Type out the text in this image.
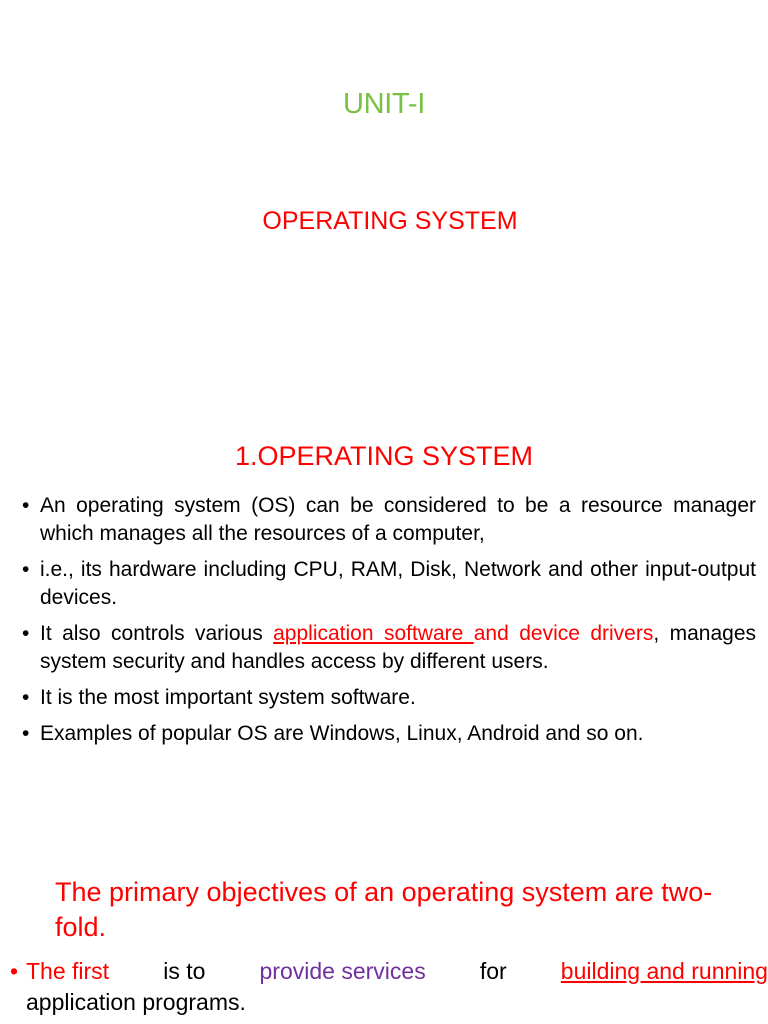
UNIT-I
OPERATING SYSTEM
1.OPERATING SYSTEM
• An operating system (OS) can be considered to be a resource manager which manages all the resources of a computer,
• i.e., its hardware including CPU, RAM, Disk, Network and other input-output devices.
• It also controls various application software and device drivers, manages system security and handles access by different users.
• It is the most important system software.
• Examples of popular OS are Windows, Linux, Android and so on.
The primary objectives of an operating system are two-fold.
• The first is to provide services for building and running
application programs.
